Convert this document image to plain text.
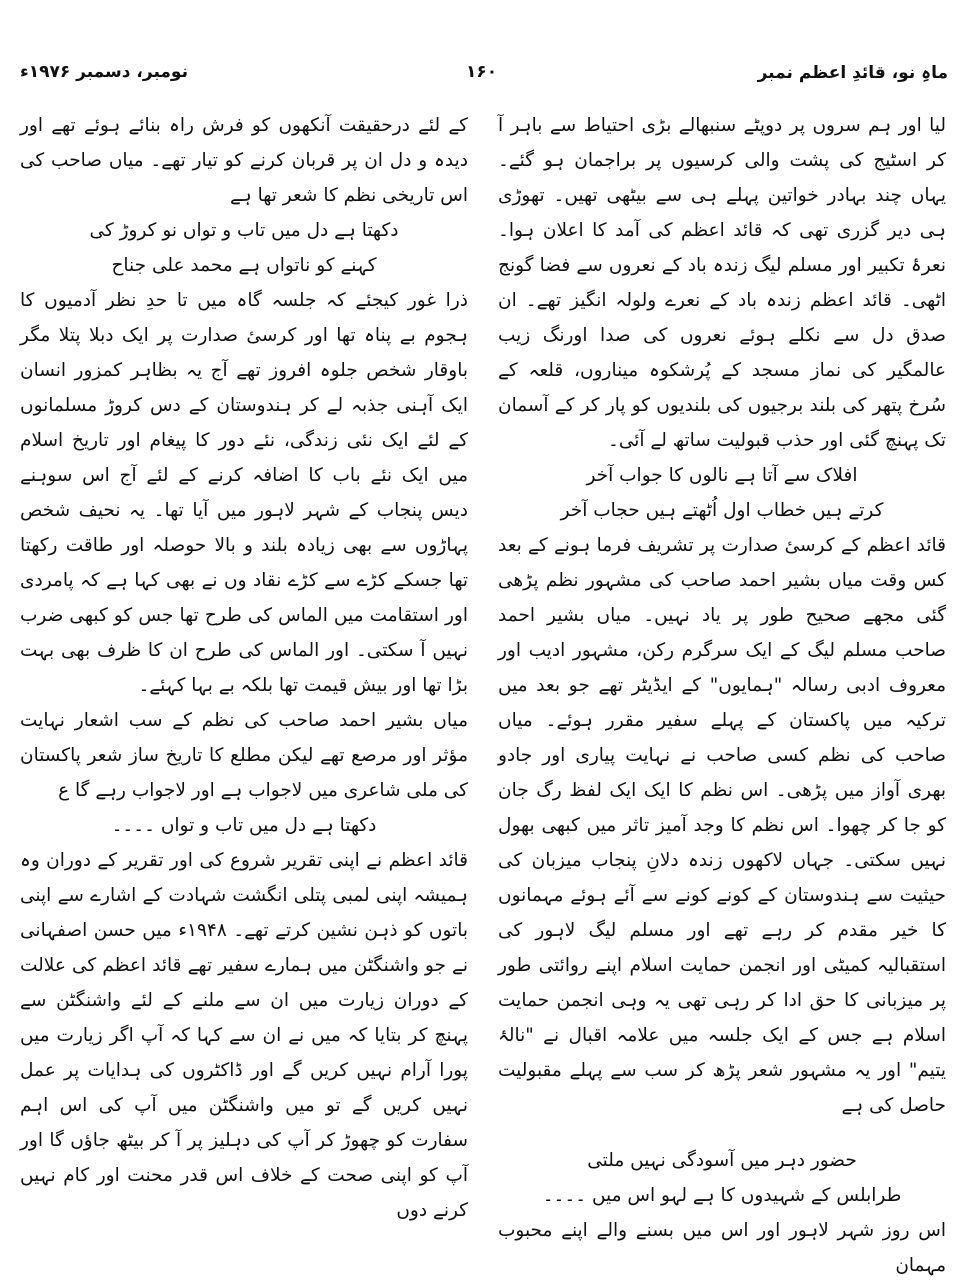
ماہِ نو، قائدِ اعظم نمبر
۱۶۰
نومبر، دسمبر ۱۹۷۶ء

لیا اور ہم سروں پر دوپٹے سنبھالے بڑی احتیاط سے باہر آ کر اسٹیج کی پشت والی کرسیوں پر براجمان ہو گئے۔ یہاں چند بہادر خواتین پہلے ہی سے بیٹھی تھیں۔ تھوڑی ہی دیر گزری تھی کہ قائد اعظم کی آمد کا اعلان ہوا۔ نعرۂ تکبیر اور مسلم لیگ زندہ باد کے نعروں سے فضا گونج اٹھی۔ قائد اعظم زندہ باد کے نعرے ولولہ انگیز تھے۔ ان صدق دل سے نکلے ہوئے نعروں کی صدا اورنگ زیب عالمگیر کی نماز مسجد کے پُرشکوہ میناروں، قلعہ کے سُرخ پتھر کی بلند برجیوں کی بلندیوں کو پار کر کے آسمان تک پہنچ گئی اور حذب قبولیت ساتھ لے آئی۔

افلاک سے آتا ہے نالوں کا جواب آخر

کرتے ہیں خطاب اول اُٹھتے ہیں حجاب آخر

قائد اعظم کے کرسیٔ صدارت پر تشریف فرما ہونے کے بعد کس وقت میاں بشیر احمد صاحب کی مشہور نظم پڑھی گئی مجھے صحیح طور پر یاد نہیں۔ میاں بشیر احمد صاحب مسلم لیگ کے ایک سرگرم رکن، مشہور ادیب اور معروف ادبی رسالہ "ہمایوں" کے ایڈیٹر تھے جو بعد میں ترکیہ میں پاکستان کے پہلے سفیر مقرر ہوئے۔ میاں صاحب کی نظم کسی صاحب نے نہایت پیاری اور جادو بھری آواز میں پڑھی۔ اس نظم کا ایک ایک لفظ رگ جان کو جا کر چھوا۔ اس نظم کا وجد آمیز تاثر میں کبھی بھول نہیں سکتی۔ جہاں لاکھوں زندہ دلانِ پنجاب میزبان کی حیثیت سے ہندوستان کے کونے کونے سے آئے ہوئے مہمانوں کا خیر مقدم کر رہے تھے اور مسلم لیگ لاہور کی استقبالیہ کمیٹی اور انجمن حمایت اسلام اپنے روائتی طور پر میزبانی کا حق ادا کر رہی تھی یہ وہی انجمن حمایت اسلام ہے جس کے ایک جلسہ میں علامہ اقبال نے "نالۂ یتیم" اور یہ مشہور شعر پڑھ کر سب سے پہلے مقبولیت حاصل کی ہے

حضور دہر میں آسودگی نہیں ملتی

طرابلس کے شہیدوں کا ہے لہو اس میں ۔۔۔۔

اس روز شہر لاہور اور اس میں بسنے والے اپنے محبوب مہمان

کے لئے درحقیقت آنکھوں کو فرش راہ بنائے ہوئے تھے اور دیدہ و دل ان پر قربان کرنے کو تیار تھے۔ میاں صاحب کی اس تاریخی نظم کا شعر تھا ہے

دکھتا ہے دل میں تاب و تواں نو کروڑ کی

کہنے کو ناتواں ہے محمد علی جناح

ذرا غور کیجئے کہ جلسہ گاہ میں تا حدِ نظر آدمیوں کا ہجوم بے پناہ تھا اور کرسیٔ صدارت پر ایک دبلا پتلا مگر باوقار شخص جلوہ افروز تھے آج یہ بظاہر کمزور انسان ایک آہنی جذبہ لے کر ہندوستان کے دس کروڑ مسلمانوں کے لئے ایک نئی زندگی، نئے دور کا پیغام اور تاریخ اسلام میں ایک نئے باب کا اضافہ کرنے کے لئے آج اس سوہنے دیس پنجاب کے شہر لاہور میں آیا تھا۔ یہ نحیف شخص پہاڑوں سے بھی زیادہ بلند و بالا حوصلہ اور طاقت رکھتا تھا جسکے کڑے سے کڑے نقاد وں نے بھی کہا ہے کہ پامردی اور استقامت میں الماس کی طرح تھا جس کو کبھی ضرب نہیں آ سکتی۔ اور الماس کی طرح ان کا ظرف بھی بہت بڑا تھا اور بیش قیمت تھا بلکہ بے بہا کہئے۔

میاں بشیر احمد صاحب کی نظم کے سب اشعار نہایت مؤثر اور مرصع تھے لیکن مطلع کا تاریخ ساز شعر پاکستان کی ملی شاعری میں لاجواب ہے اور لاجواب رہے گا ع

دکھتا ہے دل میں تاب و تواں ۔۔۔۔

قائد اعظم نے اپنی تقریر شروع کی اور تقریر کے دوران وہ ہمیشہ اپنی لمبی پتلی انگشت شہادت کے اشارے سے اپنی باتوں کو ذہن نشین کرتے تھے۔ ۱۹۴۸ء میں حسن اصفہانی نے جو واشنگٹن میں ہمارے سفیر تھے قائد اعظم کی علالت کے دوران زیارت میں ان سے ملنے کے لئے واشنگٹن سے پہنچ کر بتایا کہ میں نے ان سے کہا کہ آپ اگر زیارت میں پورا آرام نہیں کریں گے اور ڈاکٹروں کی ہدایات پر عمل نہیں کریں گے تو میں واشنگٹن میں آپ کی اس اہم سفارت کو چھوڑ کر آپ کی دہلیز پر آ کر بیٹھ جاؤں گا اور آپ کو اپنی صحت کے خلاف اس قدر محنت اور کام نہیں کرنے دوں
